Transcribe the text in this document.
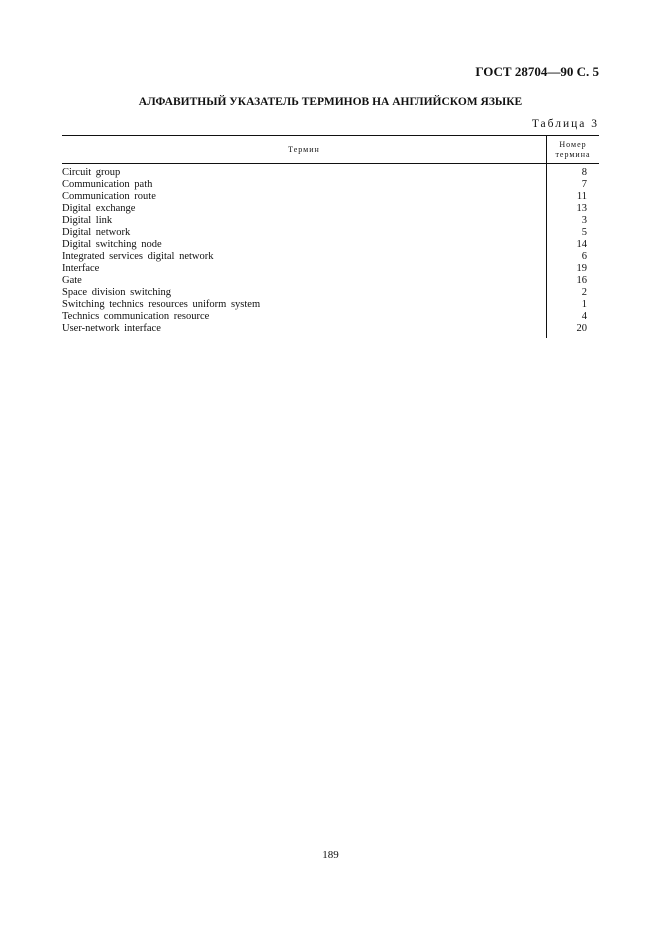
ГОСТ 28704—90 С. 5
АЛФАВИТНЫЙ УКАЗАТЕЛЬ ТЕРМИНОВ НА АНГЛИЙСКОМ ЯЗЫКЕ
Таблица 3
Термин	Номер
термина
Circuit group	8
Communication path	7
Communication route	11
Digital exchange	13
Digital link	3
Digital network	5
Digital switching node	14
Integrated services digital network	6
Interface	19
Gate	16
Space division switching	2
Switching technics resources uniform system	1
Technics communication resource	4
User-network interface	20
189
